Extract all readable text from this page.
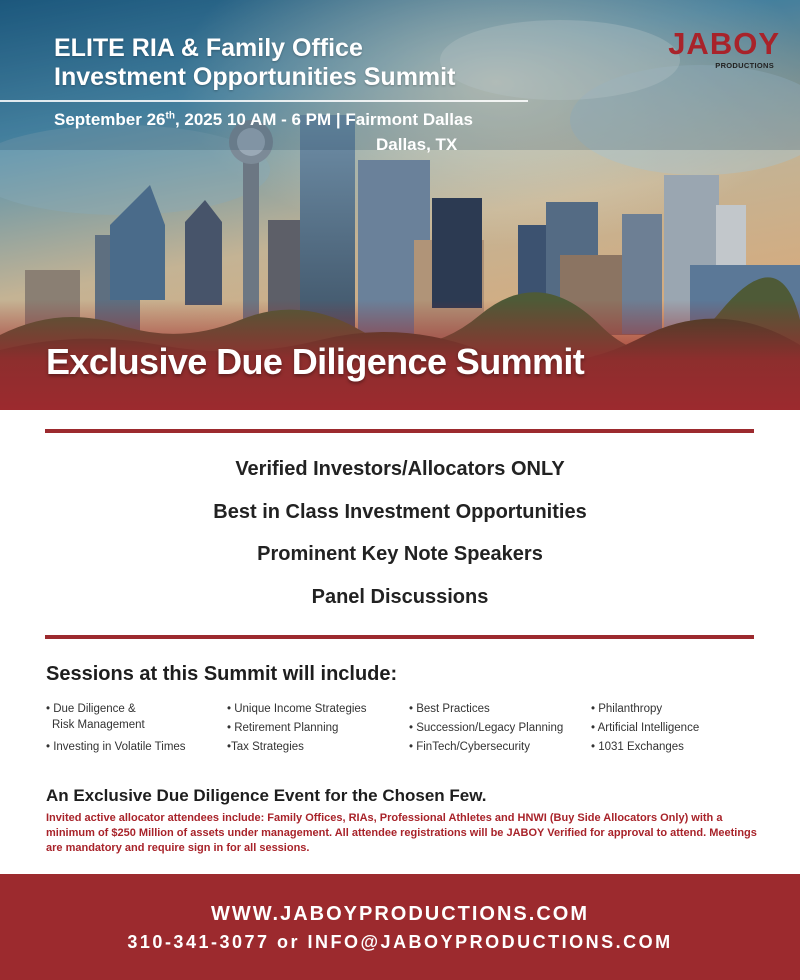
ELITE RIA & Family Office
Investment Opportunities Summit
September 26th, 2025 10 AM - 6 PM | Fairmont Dallas
Dallas, TX
JABOY
PRODUCTIONS
Exclusive Due Diligence Summit
Verified Investors/Allocators ONLY
Best in Class Investment Opportunities
Prominent Key Note Speakers
Panel Discussions
Sessions at this Summit will include:
• Due Diligence &
Risk Management
• Investing in Volatile Times
• Unique Income Strategies
• Retirement Planning
•Tax Strategies
• Best Practices
• Succession/Legacy Planning
• FinTech/Cybersecurity
• Philanthropy
• Artificial Intelligence
• 1031 Exchanges
An Exclusive Due Diligence Event for the Chosen Few.
Invited active allocator attendees include: Family Offices, RIAs, Professional Athletes and HNWI (Buy Side Allocators Only) with a minimum of $250 Million of assets under management. All attendee registrations will be JABOY Verified for approval to attend. Meetings are mandatory and require sign in for all sessions.
WWW.JABOYPRODUCTIONS.COM
310-341-3077 or INFO@JABOYPRODUCTIONS.COM
